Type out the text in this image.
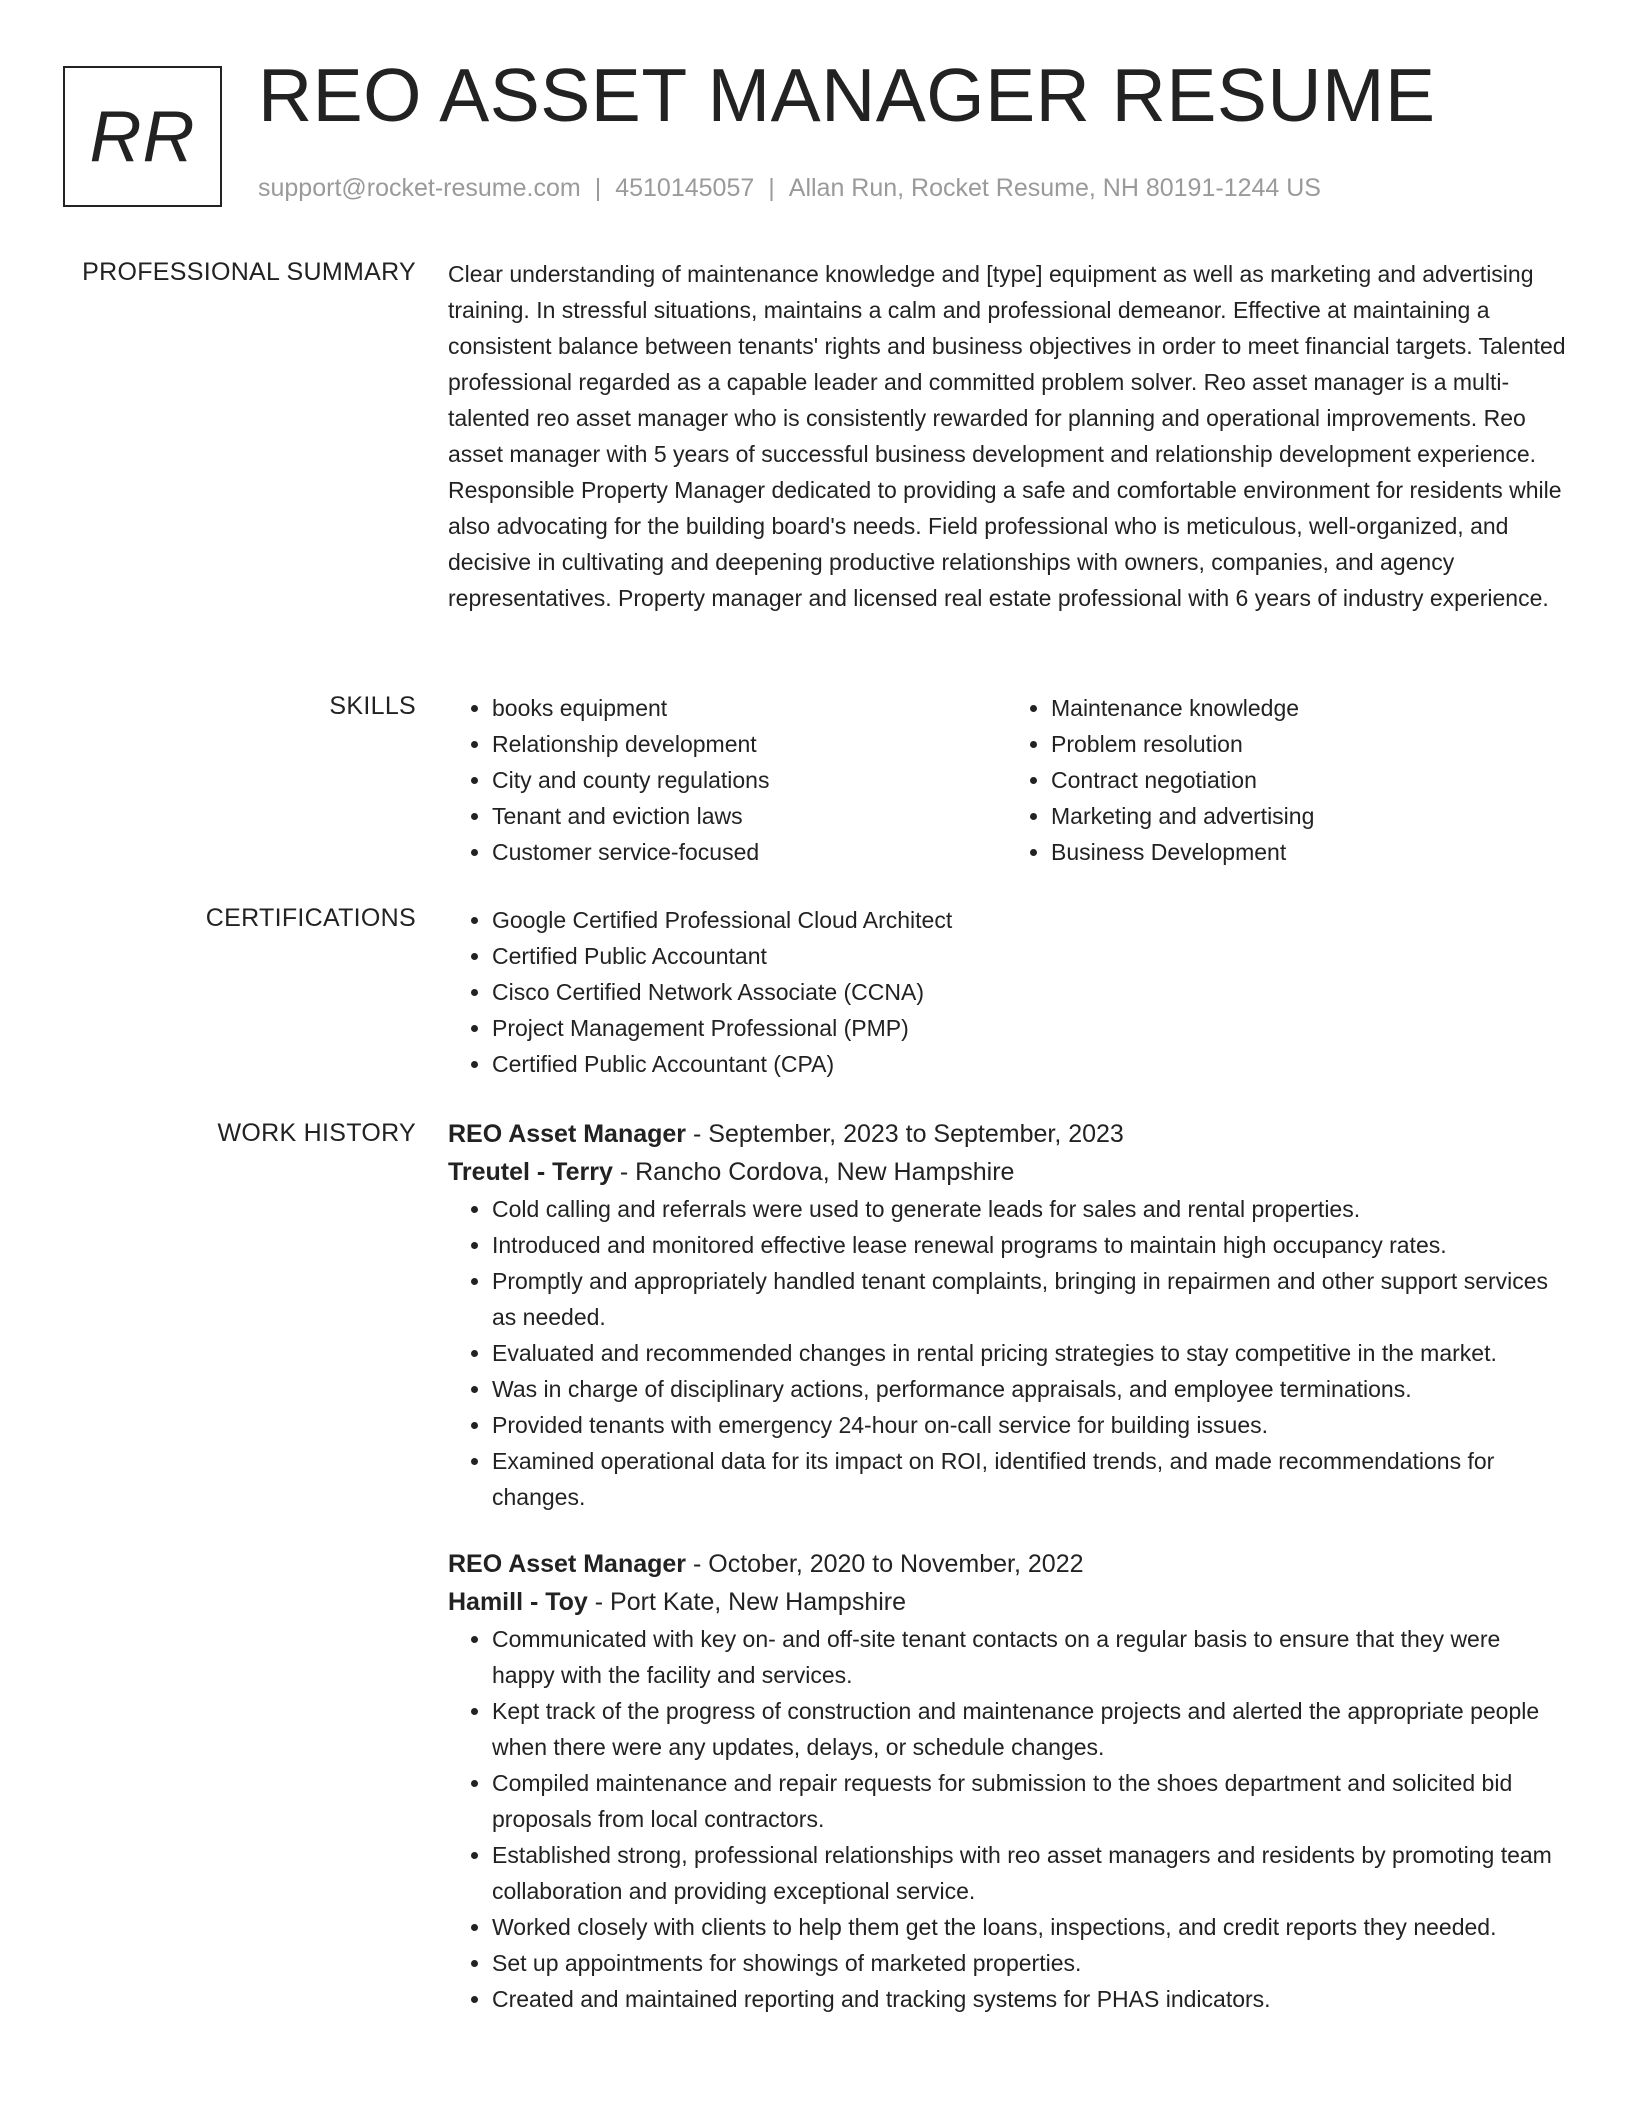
RR REO ASSET MANAGER RESUME
support@rocket-resume.com | 4510145057 | Allan Run, Rocket Resume, NH 80191-1244 US
PROFESSIONAL SUMMARY Clear understanding of maintenance knowledge and [type] equipment as well as marketing and advertising training. In stressful situations, maintains a calm and professional demeanor. Effective at maintaining a consistent balance between tenants' rights and business objectives in order to meet financial targets. Talented professional regarded as a capable leader and committed problem solver. Reo asset manager is a multi-talented reo asset manager who is consistently rewarded for planning and operational improvements. Reo asset manager with 5 years of successful business development and relationship development experience. Responsible Property Manager dedicated to providing a safe and comfortable environment for residents while also advocating for the building board's needs. Field professional who is meticulous, well-organized, and decisive in cultivating and deepening productive relationships with owners, companies, and agency representatives. Property manager and licensed real estate professional with 6 years of industry experience.

SKILLS	• books equipment
• Relationship development
• City and county regulations
• Tenant and eviction laws
• Customer service-focused
• Maintenance knowledge
• Problem resolution
• Contract negotiation
• Marketing and advertising
• Business Development
CERTIFICATIONS	• Google Certified Professional Cloud Architect
• Certified Public Accountant
• Cisco Certified Network Associate (CCNA)
• Project Management Professional (PMP)
• Certified Public Accountant (CPA)
WORK HISTORY REO Asset Manager - September, 2023 to September, 2023
Treutel - Terry - Rancho Cordova, New Hampshire
• Cold calling and referrals were used to generate leads for sales and rental properties.
• Introduced and monitored effective lease renewal programs to maintain high occupancy rates.
• Promptly and appropriately handled tenant complaints, bringing in repairmen and other support services as needed.
• Evaluated and recommended changes in rental pricing strategies to stay competitive in the market.
• Was in charge of disciplinary actions, performance appraisals, and employee terminations.
• Provided tenants with emergency 24-hour on-call service for building issues.
• Examined operational data for its impact on ROI, identified trends, and made recommendations for changes.
REO Asset Manager - October, 2020 to November, 2022
Hamill - Toy - Port Kate, New Hampshire
• Communicated with key on- and off-site tenant contacts on a regular basis to ensure that they were happy with the facility and services.
• Kept track of the progress of construction and maintenance projects and alerted the appropriate people when there were any updates, delays, or schedule changes.
• Compiled maintenance and repair requests for submission to the shoes department and solicited bid proposals from local contractors.
• Established strong, professional relationships with reo asset managers and residents by promoting team collaboration and providing exceptional service.
• Worked closely with clients to help them get the loans, inspections, and credit reports they needed.
• Set up appointments for showings of marketed properties.
• Created and maintained reporting and tracking systems for PHAS indicators.
